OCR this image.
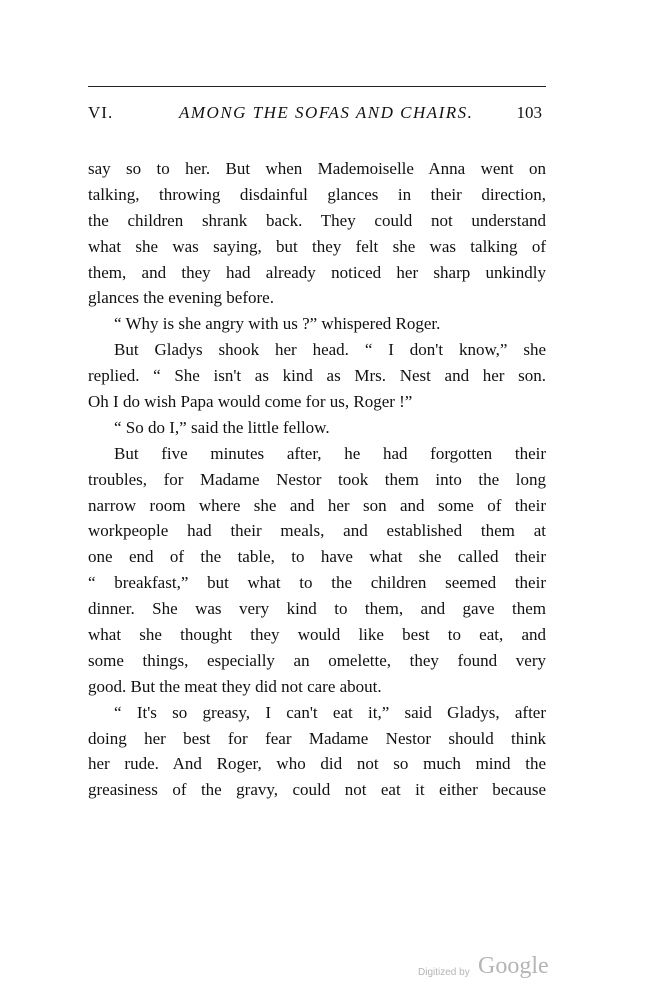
VI.	AMONG THE SOFAS AND CHAIRS.	103
say so to her. But when Mademoiselle Anna went on
talking, throwing disdainful glances in their direction,
the children shrank back. They could not understand
what she was saying, but they felt she was talking of
them, and they had already noticed her sharp unkindly
glances the evening before.
“ Why is she angry with us ?” whispered Roger.
But Gladys shook her head. “ I don't know,” she
replied. “ She isn't as kind as Mrs. Nest and her son.
Oh I do wish Papa would come for us, Roger !”
“ So do I,” said the little fellow.
But five minutes after, he had forgotten their
troubles, for Madame Nestor took them into the long
narrow room where she and her son and some of their
workpeople had their meals, and established them at
one end of the table, to have what she called their
“ breakfast,” but what to the children seemed their
dinner. She was very kind to them, and gave them
what she thought they would like best to eat, and
some things, especially an omelette, they found very
good. But the meat they did not care about.
“ It's so greasy, I can't eat it,” said Gladys, after
doing her best for fear Madame Nestor should think
her rude. And Roger, who did not so much mind the
greasiness of the gravy, could not eat it either because
Digitized by Google
